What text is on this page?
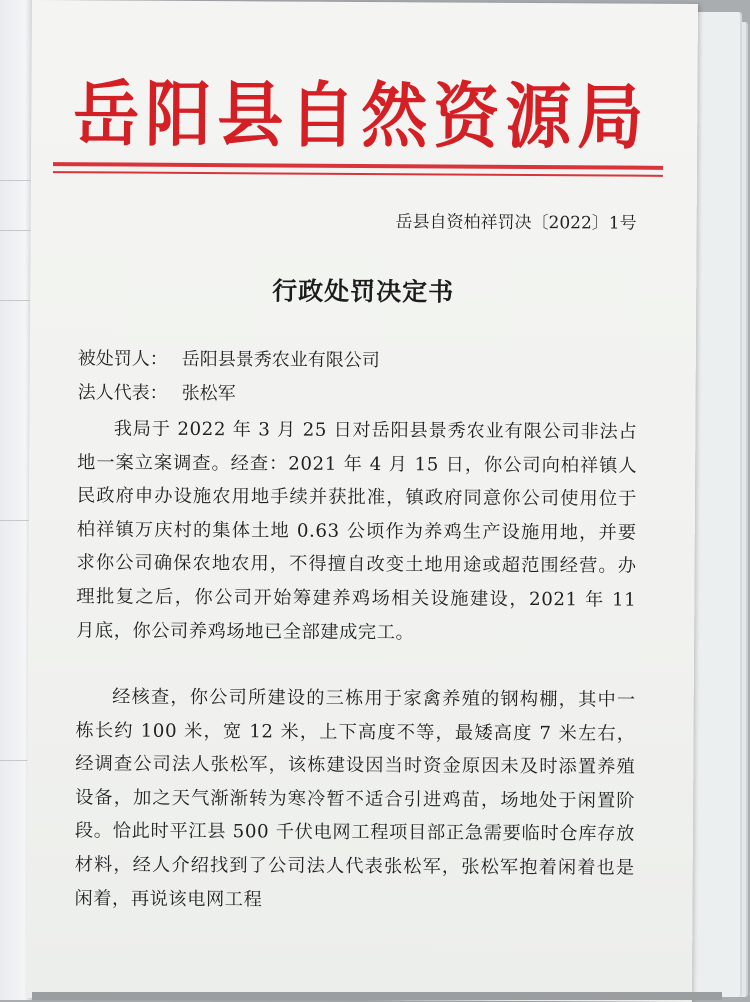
岳阳县自然资源局
岳县自资柏祥罚决〔2022〕1号
行政处罚决定书
被处罚人： 岳阳县景秀农业有限公司
法人代表： 张松军
我局于 2022 年 3 月 25 日对岳阳县景秀农业有限公司非法占地一案立案调查。经查：2021 年 4 月 15 日，你公司向柏祥镇人民政府申办设施农用地手续并获批准，镇政府同意你公司使用位于柏祥镇万庆村的集体土地 0.63 公顷作为养鸡生产设施用地，并要求你公司确保农地农用，不得擅自改变土地用途或超范围经营。办理批复之后，你公司开始筹建养鸡场相关设施建设，2021 年 11 月底，你公司养鸡场地已全部建成完工。
经核查，你公司所建设的三栋用于家禽养殖的钢构棚，其中一栋长约 100 米，宽 12 米，上下高度不等，最矮高度 7 米左右，经调查公司法人张松军，该栋建设因当时资金原因未及时添置养殖设备，加之天气渐渐转为寒冷暂不适合引进鸡苗，场地处于闲置阶段。恰此时平江县 500 千伏电网工程项目部正急需要临时仓库存放材料，经人介绍找到了公司法人代表张松军，张松军抱着闲着也是闲着，再说该电网工程
